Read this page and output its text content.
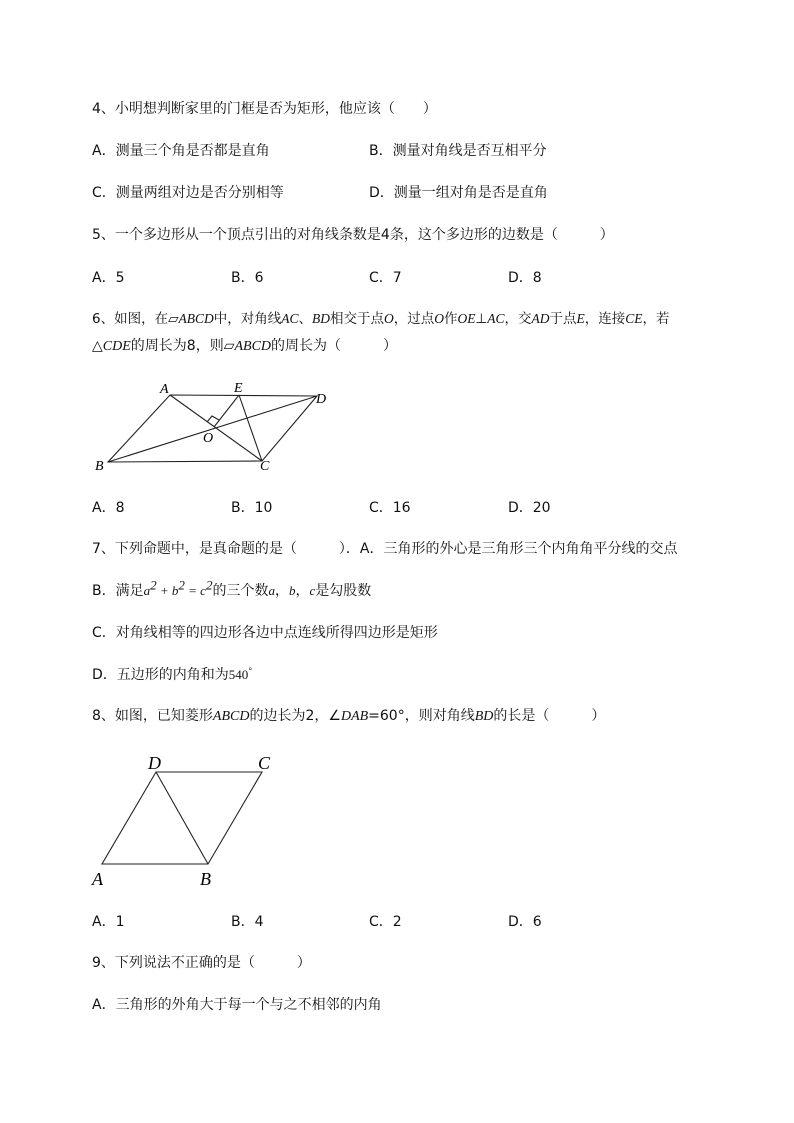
4、小明想判断家里的门框是否为矩形，他应该（　　）
A．测量三个角是否都是直角	B．测量对角线是否互相平分
C．测量两组对边是否分别相等	D．测量一组对角是否是直角
5、一个多边形从一个顶点引出的对角线条数是4条，这个多边形的边数是（　　　）
A．5	B．6	C．7	D．8
6、如图，在▱ABCD中，对角线AC、BD相交于点O，过点O作OE⊥AC，交AD于点E，连接CE，若
△CDE的周长为8，则▱ABCD的周长为（　　　）
A	E
D
O
B	C
A．8	B．10	C．16	D．20
7、下列命题中，是真命题的是（　　　）．A．三角形的外心是三角形三个内角角平分线的交点
B．满足$a^2 + b^2 = c^2$的三个数a，b，c是勾股数
C．对角线相等的四边形各边中点连线所得四边形是矩形
D．五边形的内角和为540°
8、如图，已知菱形ABCD的边长为2，∠DAB=60°，则对角线BD的长是（　　　）
D	C
A	B
A．1	B．4	C．2	D．6
9、下列说法不正确的是（　　　）
A．三角形的外角大于每一个与之不相邻的内角
